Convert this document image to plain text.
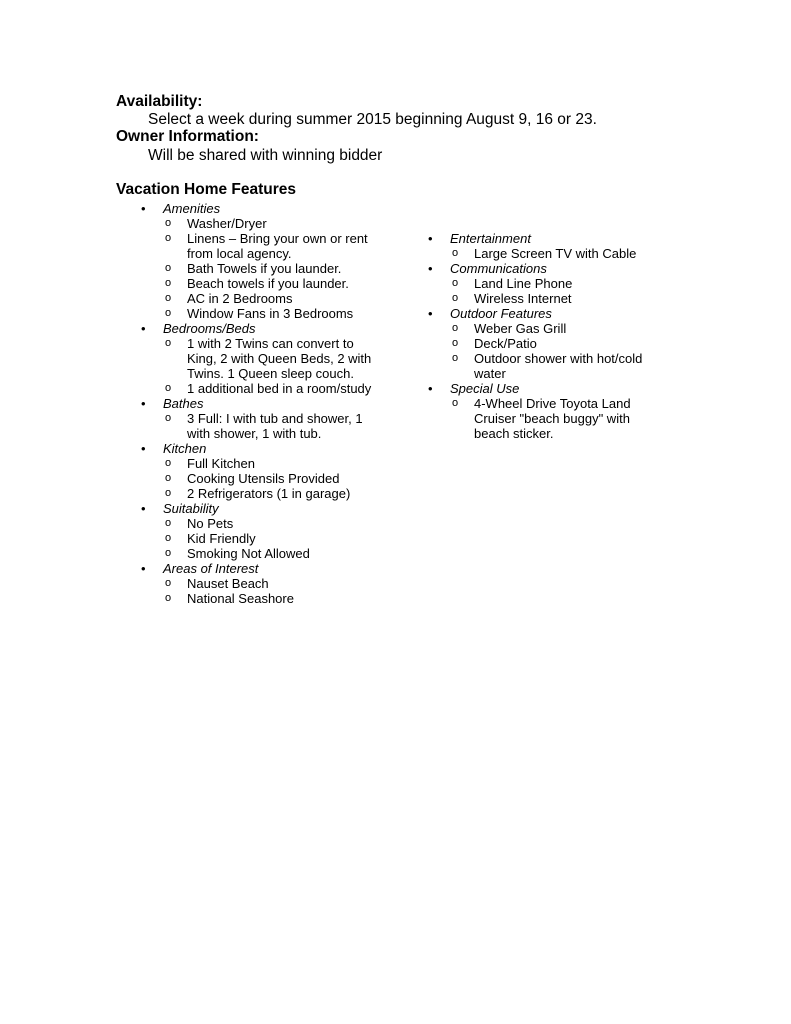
Availability:
Select a week during summer 2015 beginning August 9, 16 or 23.
Owner Information:
Will be shared with winning bidder
Vacation Home Features
• Amenities
o Washer/Dryer
o Linens – Bring your own or rent from local agency.
o Bath Towels if you launder.
o Beach towels if you launder.
o AC in 2 Bedrooms
o Window Fans in 3 Bedrooms
• Bedrooms/Beds
o 1 with 2 Twins can convert to King, 2 with Queen Beds, 2 with Twins. 1 Queen sleep couch.
o 1 additional bed in a room/study
• Bathes
o 3 Full: I with tub and shower, 1 with shower, 1 with tub.
• Kitchen
o Full Kitchen
o Cooking Utensils Provided
o 2 Refrigerators (1 in garage)
• Suitability
o No Pets
o Kid Friendly
o Smoking Not Allowed
• Areas of Interest
o Nauset Beach
o National Seashore
• Entertainment
o Large Screen TV with Cable
• Communications
o Land Line Phone
o Wireless Internet
• Outdoor Features
o Weber Gas Grill
o Deck/Patio
o Outdoor shower with hot/cold water
• Special Use
o 4-Wheel Drive Toyota Land Cruiser "beach buggy" with beach sticker.
